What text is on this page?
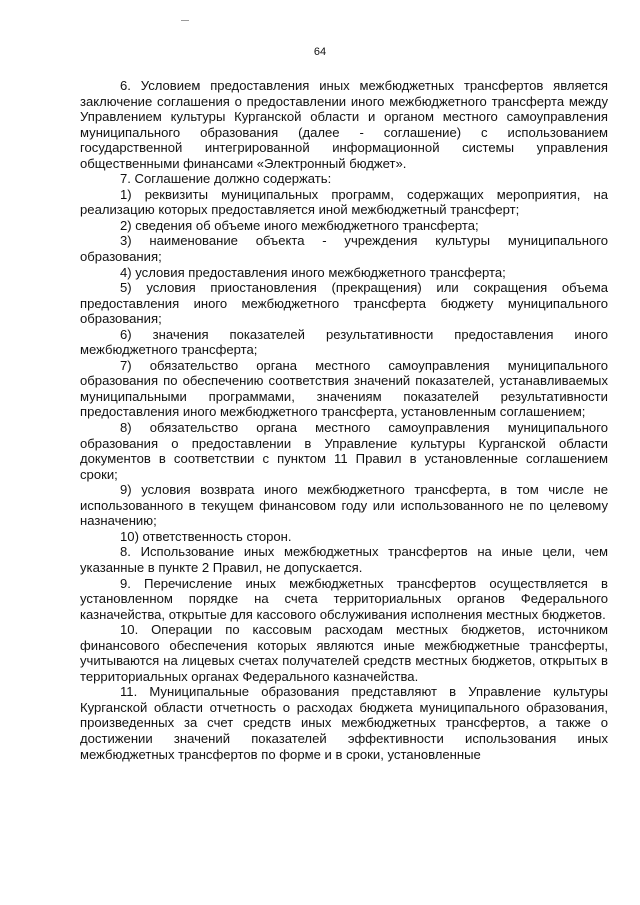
64

6. Условием предоставления иных межбюджетных трансфертов является заключение соглашения о предоставлении иного межбюджетного трансферта между Управлением культуры Курганской области и органом местного самоуправления муниципального образования (далее - соглашение) с использованием государственной интегрированной информационной системы управления общественными финансами «Электронный бюджет».

7. Соглашение должно содержать:

1) реквизиты муниципальных программ, содержащих мероприятия, на реализацию которых предоставляется иной межбюджетный трансферт;

2) сведения об объеме иного межбюджетного трансферта;

3) наименование объекта - учреждения культуры муниципального образования;

4) условия предоставления иного межбюджетного трансферта;

5) условия приостановления (прекращения) или сокращения объема предоставления иного межбюджетного трансферта бюджету муниципального образования;

6) значения показателей результативности предоставления иного межбюджетного трансферта;

7) обязательство органа местного самоуправления муниципального образования по обеспечению соответствия значений показателей, устанавливаемых муниципальными программами, значениям показателей результативности предоставления иного межбюджетного трансферта, установленным соглашением;

8) обязательство органа местного самоуправления муниципального образования о предоставлении в Управление культуры Курганской области документов в соответствии с пунктом 11 Правил в установленные соглашением сроки;

9) условия возврата иного межбюджетного трансферта, в том числе не использованного в текущем финансовом году или использованного не по целевому назначению;

10) ответственность сторон.

8. Использование иных межбюджетных трансфертов на иные цели, чем указанные в пункте 2 Правил, не допускается.

9. Перечисление иных межбюджетных трансфертов осуществляется в установленном порядке на счета территориальных органов Федерального казначейства, открытые для кассового обслуживания исполнения местных бюджетов.

10. Операции по кассовым расходам местных бюджетов, источником финансового обеспечения которых являются иные межбюджетные трансферты, учитываются на лицевых счетах получателей средств местных бюджетов, открытых в территориальных органах Федерального казначейства.

11. Муниципальные образования представляют в Управление культуры Курганской области отчетность о расходах бюджета муниципального образования, произведенных за счет средств иных межбюджетных трансфертов, а также о достижении значений показателей эффективности использования иных межбюджетных трансфертов по форме и в сроки, установленные
